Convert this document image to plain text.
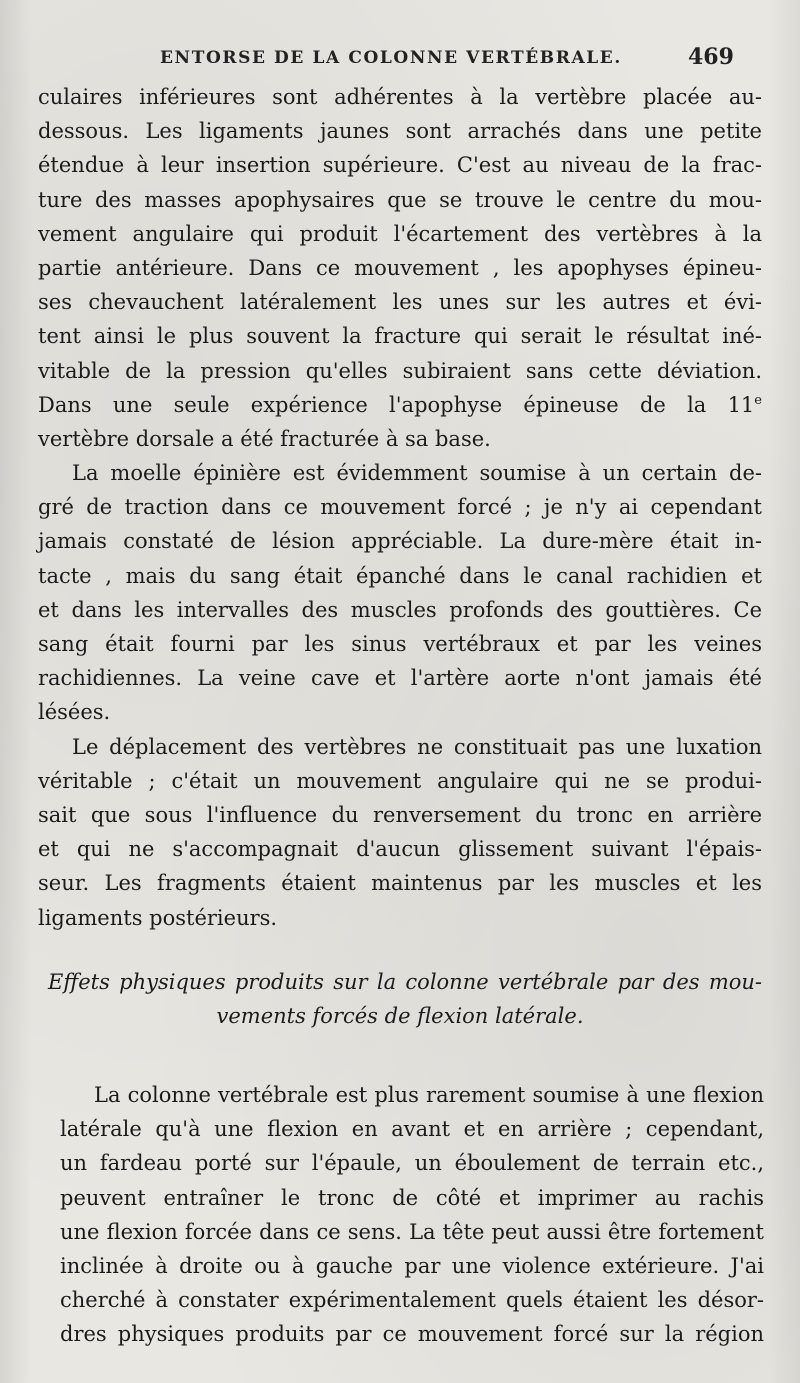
ENTORSE DE LA COLONNE VERTÉBRALE.	469
culaires inférieures sont adhérentes à la vertèbre placée au-
dessous. Les ligaments jaunes sont arrachés dans une petite
étendue à leur insertion supérieure. C'est au niveau de la frac-
ture des masses apophysaires que se trouve le centre du mou-
vement angulaire qui produit l'écartement des vertèbres à la
partie antérieure. Dans ce mouvement , les apophyses épineu-
ses chevauchent latéralement les unes sur les autres et évi-
tent ainsi le plus souvent la fracture qui serait le résultat iné-
vitable de la pression qu'elles subiraient sans cette déviation.
Dans une seule expérience l'apophyse épineuse de la 11e
vertèbre dorsale a été fracturée à sa base.
La moelle épinière est évidemment soumise à un certain de-
gré de traction dans ce mouvement forcé ; je n'y ai cependant
jamais constaté de lésion appréciable. La dure-mère était in-
tacte , mais du sang était épanché dans le canal rachidien et
et dans les intervalles des muscles profonds des gouttières. Ce
sang était fourni par les sinus vertébraux et par les veines
rachidiennes. La veine cave et l'artère aorte n'ont jamais été
lésées.
Le déplacement des vertèbres ne constituait pas une luxation
véritable ; c'était un mouvement angulaire qui ne se produi-
sait que sous l'influence du renversement du tronc en arrière
et qui ne s'accompagnait d'aucun glissement suivant l'épais-
seur. Les fragments étaient maintenus par les muscles et les
ligaments postérieurs.
Effets physiques produits sur la colonne vertébrale par des mou-
vements forcés de flexion latérale.
La colonne vertébrale est plus rarement soumise à une flexion
latérale qu'à une flexion en avant et en arrière ; cependant,
un fardeau porté sur l'épaule, un éboulement de terrain etc.,
peuvent entraîner le tronc de côté et imprimer au rachis
une flexion forcée dans ce sens. La tête peut aussi être fortement
inclinée à droite ou à gauche par une violence extérieure. J'ai
cherché à constater expérimentalement quels étaient les désor-
dres physiques produits par ce mouvement forcé sur la région
